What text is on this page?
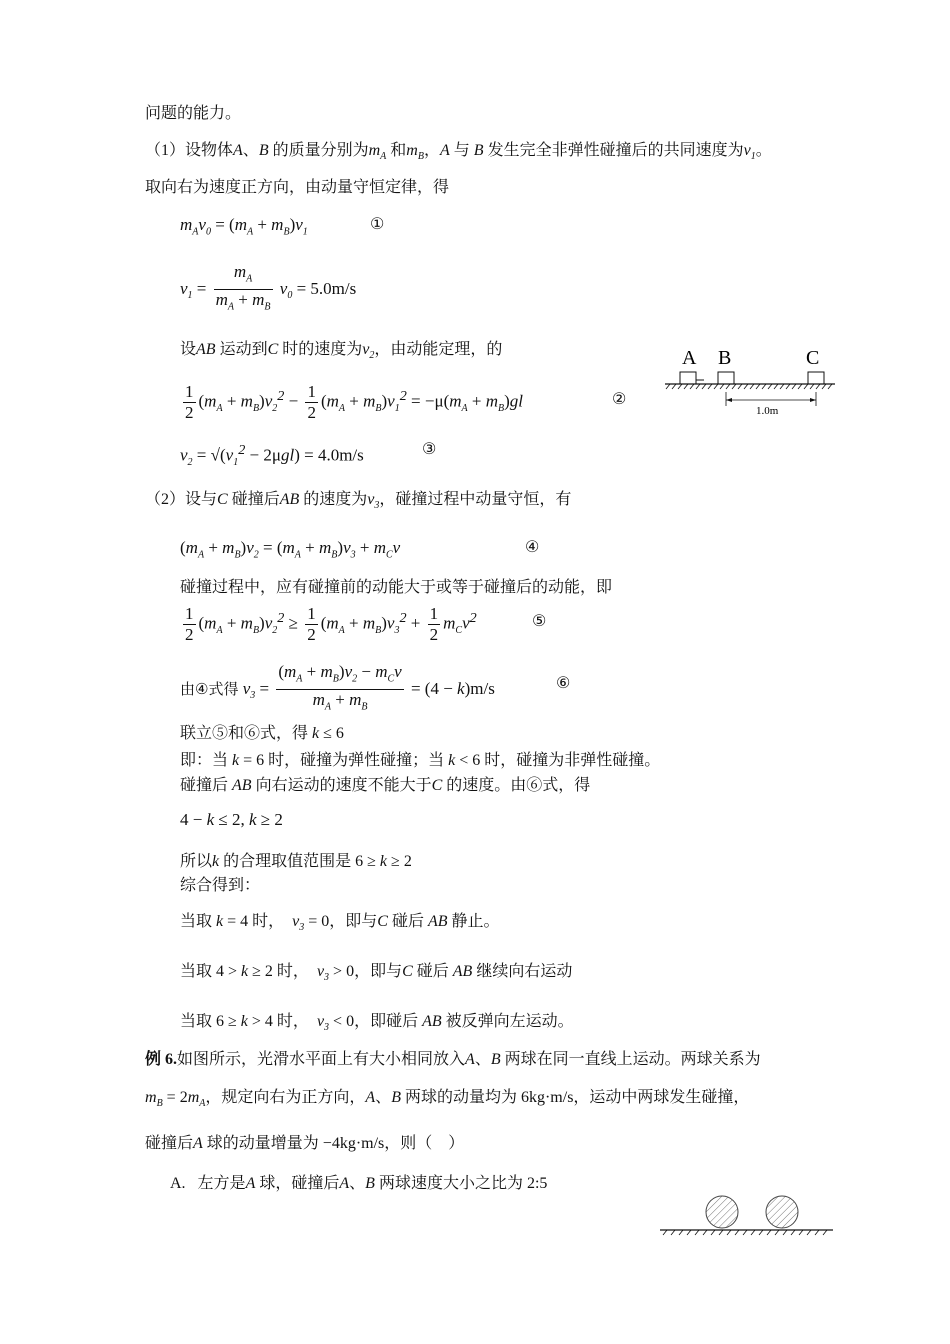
问题的能力。
（1）设物体A、B 的质量分别为$m_A$ 和$m_B$，A 与 B 发生完全非弹性碰撞后的共同速度为$v_1$。
取向右为速度正方向，由动量守恒定律，得
$m_Av_0 = (m_A + m_B)v_1$	①
$v_1 = \frac{m_A}{m_A + m_B} v_0 = 5.0m/s$
设AB 运动到C 时的速度为$v_2$，由动能定理，的
$\frac{1}{2} (m_A + m_B)v_2^2 - \frac{1}{2} (m_A + m_B)v_1^2 = -\mu(m_A + m_B)gl$	②
$v_2 = √(v_1^2 - 2\mu gl) = 4.0m/s$	③
A B	C
1.0m
（2）设与C 碰撞后AB 的速度为$v_3$，碰撞过程中动量守恒，有
$(m_A + m_B)v_2 = (m_A + m_B)v_3 + m_Cv$	④
碰撞过程中，应有碰撞前的动能大于或等于碰撞后的动能，即
$\frac{1}{2} (m_A + m_B)v_2^2 \ge \frac{1}{2} (m_A + m_B)v_3^2 + \frac{1}{2} m_Cv^2$	⑤
由④式得 $v_3 = \frac{(m_A + m_B)v_2 - m_Cv}{m_A + m_B} = (4 - k)m/s$	⑥
联立⑤和⑥式，得 k ≤ 6
即：当 k = 6 时，碰撞为弹性碰撞；当 k < 6 时，碰撞为非弹性碰撞。
碰撞后 AB 向右运动的速度不能大于C 的速度。由⑥式，得
4 − k ≤ 2, k ≥ 2
所以k 的合理取值范围是 6 ≥ k ≥ 2
综合得到：
当取 k = 4 时，  $v_3 = 0$，即与C 碰后 AB 静止。
当取 4 > k ≥ 2 时，  $v_3 > 0$，即与C 碰后 AB 继续向右运动
当取 6 ≥ k > 4 时，  $v_3 < 0$，即碰后 AB 被反弹向左运动。
例 6.如图所示，光滑水平面上有大小相同放入A、B 两球在同一直线上运动。两球关系为
$m_B = 2m_A$，规定向右为正方向，A、B 两球的动量均为 6kg·m/s，运动中两球发生碰撞，
碰撞后A 球的动量增量为 −4kg·m/s，则（    ）
A.   左方是A 球，碰撞后A、B 两球速度大小之比为 2:5
